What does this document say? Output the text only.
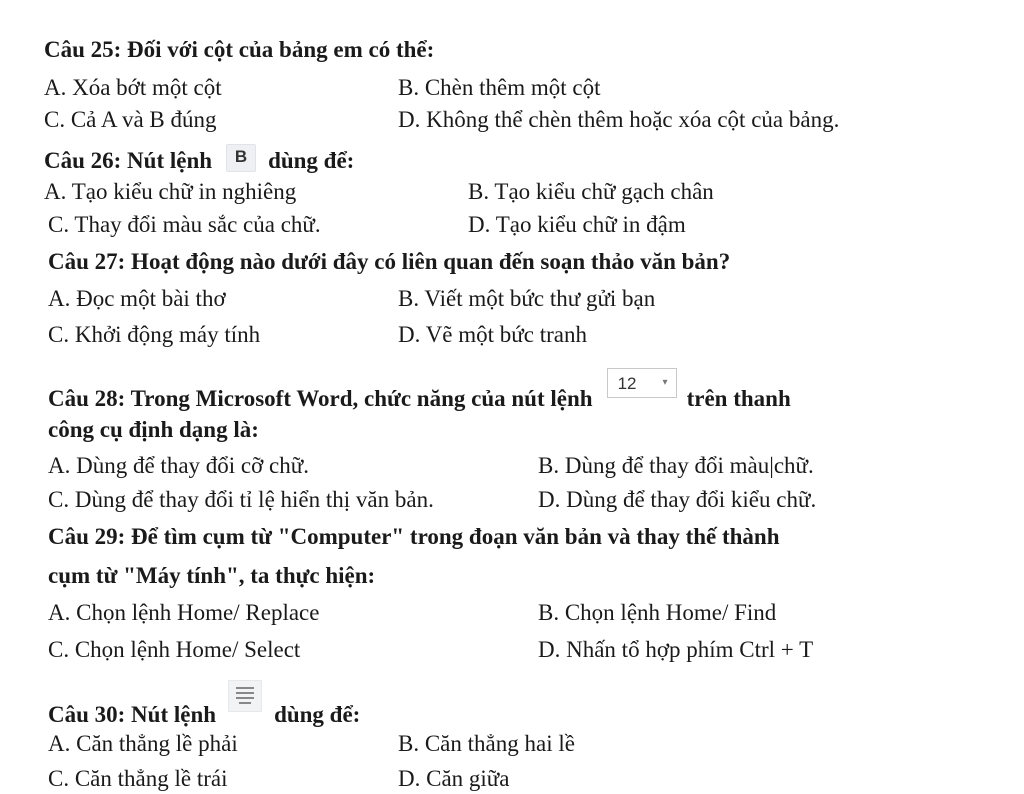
Câu 25: Đối với cột của bảng em có thể:
A. Xóa bớt một cột	B. Chèn thêm một cột
C. Cả A và B đúng	D. Không thể chèn thêm hoặc xóa cột của bảng.
Câu 26: Nút lệnh B dùng để:
A. Tạo kiểu chữ in nghiêng	B. Tạo kiểu chữ gạch chân
C. Thay đổi màu sắc của chữ.	D. Tạo kiểu chữ in đậm
Câu 27: Hoạt động nào dưới đây có liên quan đến soạn thảo văn bản?
A. Đọc một bài thơ	B. Viết một bức thư gửi bạn
C. Khởi động máy tính	D. Vẽ một bức tranh
Câu 28: Trong Microsoft Word, chức năng của nút lệnh
12	▾
trên thanh
công cụ định dạng là:
A. Dùng để thay đổi cỡ chữ.	B. Dùng để thay đổi màu|chữ.
C. Dùng để thay đổi tỉ lệ hiển thị văn bản.	D. Dùng để thay đổi kiểu chữ.
Câu 29: Để tìm cụm từ "Computer" trong đoạn văn bản và thay thế thành
cụm từ "Máy tính", ta thực hiện:
A. Chọn lệnh Home/ Replace	B. Chọn lệnh Home/ Find
C. Chọn lệnh Home/ Select	D. Nhấn tổ hợp phím Ctrl + T
Câu 30: Nút lệnh	dùng để:
A. Căn thẳng lề phải	B. Căn thẳng hai lề
C. Căn thẳng lề trái	D. Căn giữa
